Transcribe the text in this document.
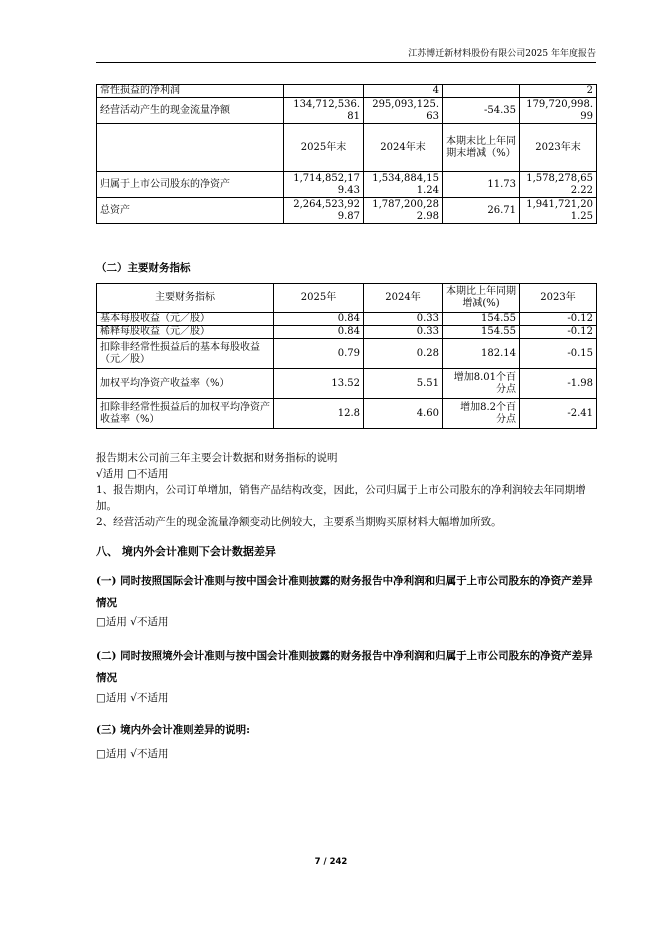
江苏博迁新材料股份有限公司2025 年年度报告
常性损益的净利润		4		2
经营活动产生的现金流量净额	134,712,536.81	295,093,125.63	-54.35	179,720,998.99
	2025年末	2024年末	本期末比上年同期末增减（%）	2023年末
归属于上市公司股东的净资产	1,714,852,179.43	1,534,884,151.24	11.73	1,578,278,652.22
总资产	2,264,523,929.87	1,787,200,282.98	26.71	1,941,721,201.25
（二）主要财务指标
主要财务指标	2025年	2024年	本期比上年同期增减(%)	2023年
基本每股收益（元／股）	0.84	0.33	154.55	-0.12
稀释每股收益（元／股）	0.84	0.33	154.55	-0.12
扣除非经常性损益后的基本每股收益（元／股）	0.79	0.28	182.14	-0.15
加权平均净资产收益率（%）	13.52	5.51	增加8.01个百分点	-1.98
扣除非经常性损益后的加权平均净资产收益率（%）	12.8	4.60	增加8.2个百分点	-2.41
报告期末公司前三年主要会计数据和财务指标的说明
√适用 □不适用
1、报告期内，公司订单增加，销售产品结构改变，因此，公司归属于上市公司股东的净利润较去年同期增加。
2、经营活动产生的现金流量净额变动比例较大，主要系当期购买原材料大幅增加所致。
八、 境内外会计准则下会计数据差异
(一) 同时按照国际会计准则与按中国会计准则披露的财务报告中净利润和归属于上市公司股东的净资产差异情况
□适用 √不适用
(二) 同时按照境外会计准则与按中国会计准则披露的财务报告中净利润和归属于上市公司股东的净资产差异情况
□适用 √不适用
(三) 境内外会计准则差异的说明:
□适用 √不适用
7 / 242
